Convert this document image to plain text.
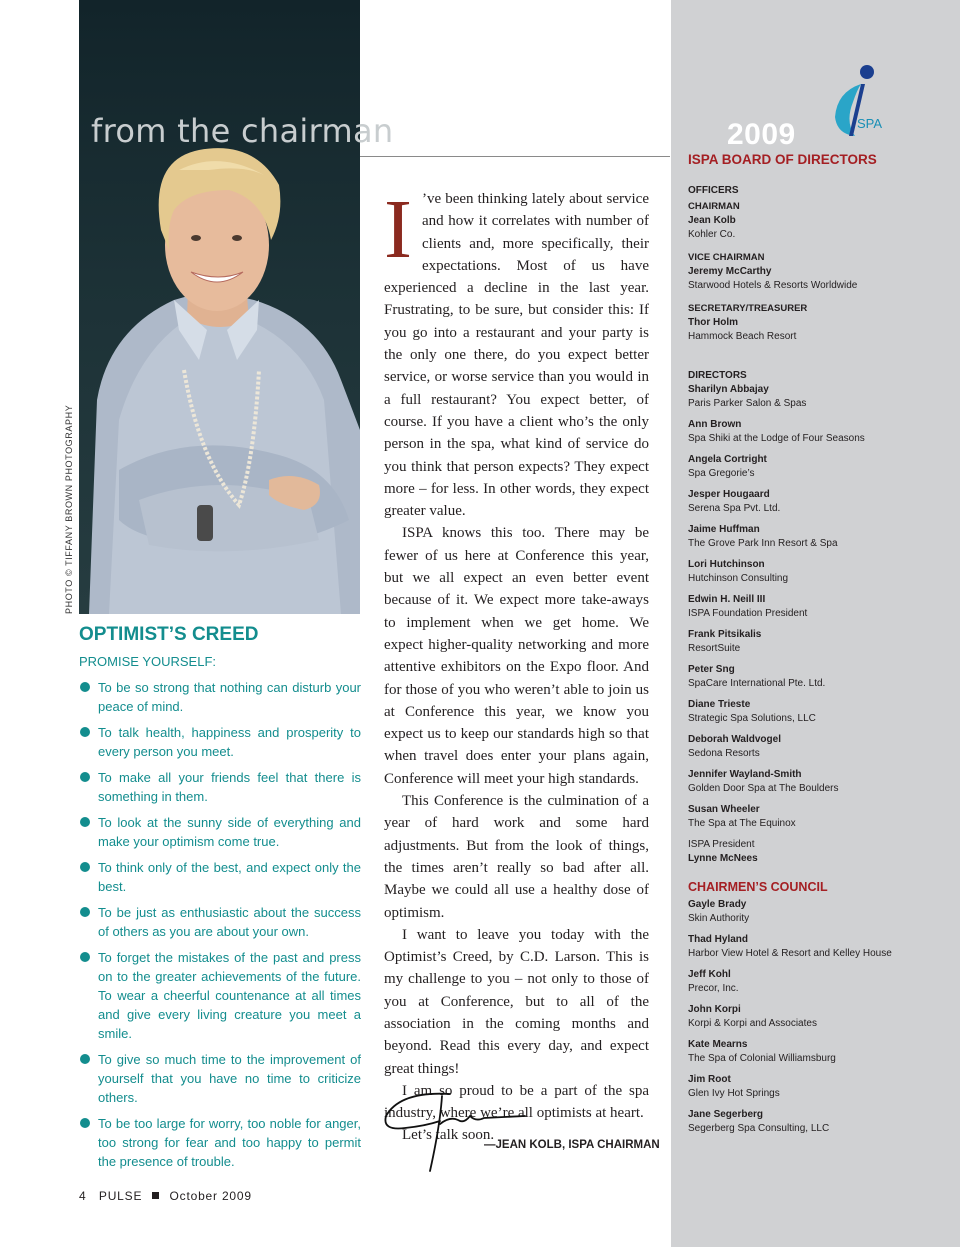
from the chairman
PHOTO © TIFFANY BROWN PHOTOGRAPHY
OPTIMIST’S CREED
PROMISE YOURSELF:
To be so strong that nothing can disturb your peace of mind.
To talk health, happiness and prosperity to every person you meet.
To make all your friends feel that there is something in them.
To look at the sunny side of everything and make your optimism come true.
To think only of the best, and expect only the best.
To be just as enthusiastic about the success of others as you are about your own.
To forget the mistakes of the past and press on to the greater achievements of the future. To wear a cheerful countenance at all times and give every living creature you meet a smile.
To give so much time to the improvement of yourself that you have no time to criticize others.
To be too large for worry, too noble for anger, too strong for fear and too happy to permit the presence of trouble.

I ’ve been thinking lately about service and how it correlates with number of clients and, more specifically, their expectations. Most of us have experienced a decline in the last year. Frustrating, to be sure, but consider this: If you go into a restaurant and your party is the only one there, do you expect better service, or worse service than you would in a full restaurant? You expect better, of course. If you have a client who’s the only person in the spa, what kind of service do you think that person expects? They expect more – for less. In other words, they expect greater value.

ISPA knows this too. There may be fewer of us here at Conference this year, but we all expect an even better event because of it. We expect more take-aways to implement when we get home. We expect higher-quality networking and more attentive exhibitors on the Expo floor. And for those of you who weren’t able to join us at Conference this year, we know you expect us to keep our standards high so that when travel does enter your plans again, Conference will meet your high standards.

This Conference is the culmination of a year of hard work and some hard adjustments. But from the look of things, the times aren’t really so bad after all. Maybe we could all use a healthy dose of optimism.

I want to leave you today with the Optimist’s Creed, by C.D. Larson. This is my challenge to you – not only to those of you at Conference, but to all of the association in the coming months and beyond. Read this every day, and expect great things!

I am so proud to be a part of the spa industry, where we’re all optimists at heart.

Let’s talk soon.

—JEAN KOLB, ISPA CHAIRMAN
4 PULSE October 2009
SPA
2009
ISPA BOARD OF DIRECTORS

OFFICERS

CHAIRMAN
Jean Kolb
Kohler Co.
VICE CHAIRMAN
Jeremy McCarthy
Starwood Hotels & Resorts Worldwide
SECRETARY/TREASURER
Thor Holm
Hammock Beach Resort

DIRECTORS

Sharilyn Abbajay
Paris Parker Salon & Spas
Ann Brown
Spa Shiki at the Lodge of Four Seasons
Angela Cortright
Spa Gregorie’s
Jesper Hougaard
Serena Spa Pvt. Ltd.
Jaime Huffman
The Grove Park Inn Resort & Spa
Lori Hutchinson
Hutchinson Consulting
Edwin H. Neill III
ISPA Foundation President
Frank Pitsikalis
ResortSuite
Peter Sng
SpaCare International Pte. Ltd.
Diane Trieste
Strategic Spa Solutions, LLC
Deborah Waldvogel
Sedona Resorts
Jennifer Wayland-Smith
Golden Door Spa at The Boulders
Susan Wheeler
The Spa at The Equinox
ISPA President
Lynne McNees
CHAIRMEN’S COUNCIL
Gayle Brady
Skin Authority
Thad Hyland
Harbor View Hotel & Resort and Kelley House
Jeff Kohl
Precor, Inc.
John Korpi
Korpi & Korpi and Associates
Kate Mearns
The Spa of Colonial Williamsburg
Jim Root
Glen Ivy Hot Springs
Jane Segerberg
Segerberg Spa Consulting, LLC
